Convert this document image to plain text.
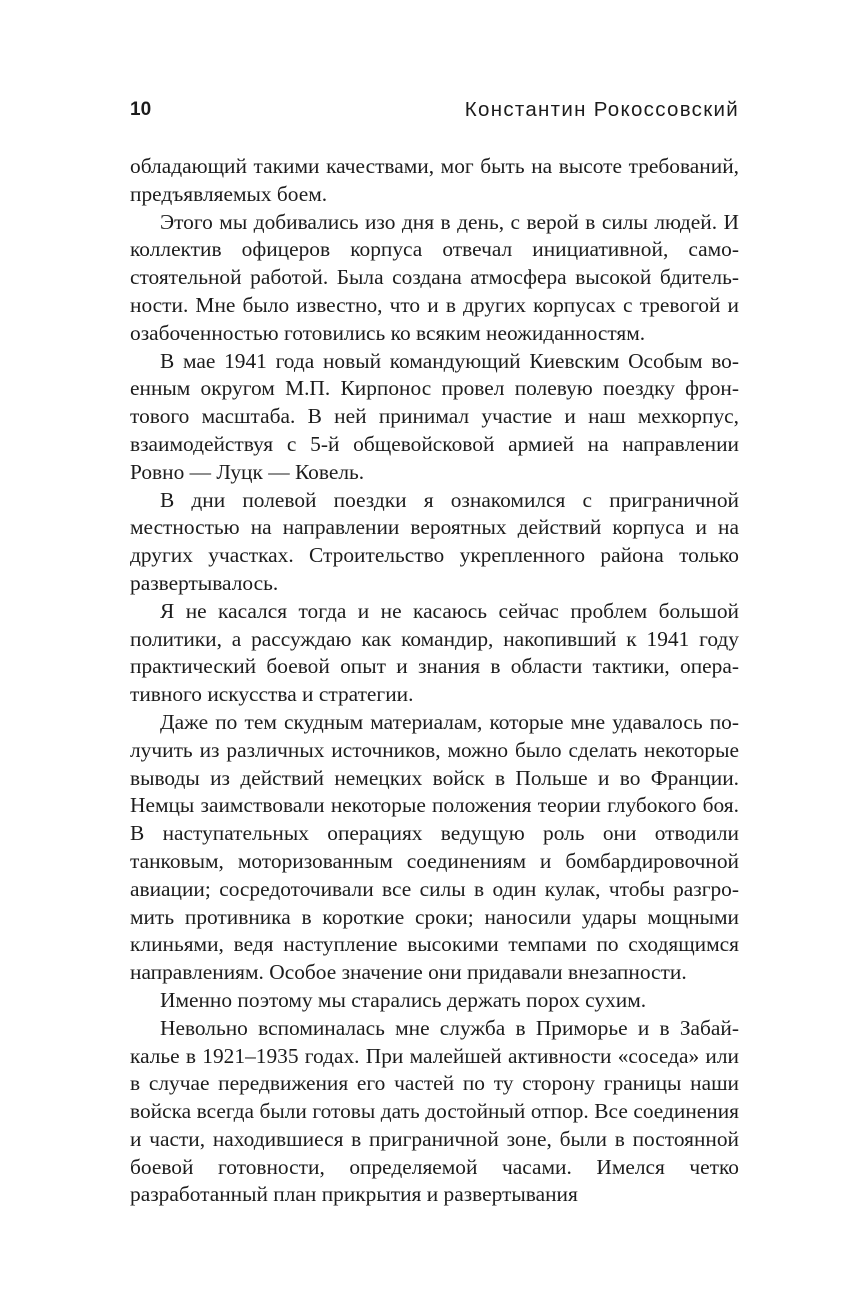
10	Константин Рокоссовский

обладающий такими качествами, мог быть на высоте требований, предъявляемых боем.

Этого мы добивались изо дня в день, с верой в силы людей. И коллектив офицеров корпуса отвечал инициативной, самостоятельной работой. Была создана атмосфера высокой бдительности. Мне было известно, что и в других корпусах с тревогой и озабоченностью готовились ко всяким неожиданностям.

В мае 1941 года новый командующий Киевским Особым военным округом М.П. Кирпонос провел полевую поездку фронтового масштаба. В ней принимал участие и наш мехкорпус, взаимодействуя с 5-й общевойсковой армией на направлении Ровно — Луцк — Ковель.

В дни полевой поездки я ознакомился с приграничной местностью на направлении вероятных действий корпуса и на других участках. Строительство укрепленного района только развертывалось.

Я не касался тогда и не касаюсь сейчас проблем большой политики, а рассуждаю как командир, накопивший к 1941 году практический боевой опыт и знания в области тактики, оперативного искусства и стратегии.

Даже по тем скудным материалам, которые мне удавалось получить из различных источников, можно было сделать некоторые выводы из действий немецких войск в Польше и во Франции. Немцы заимствовали некоторые положения теории глубокого боя. В наступательных операциях ведущую роль они отводили танковым, моторизованным соединениям и бомбардировочной авиации; сосредоточивали все силы в один кулак, чтобы разгромить противника в короткие сроки; наносили удары мощными клиньями, ведя наступление высокими темпами по сходящимся направлениям. Особое значение они придавали внезапности.

Именно поэтому мы старались держать порох сухим.

Невольно вспоминалась мне служба в Приморье и в Забайкалье в 1921–1935 годах. При малейшей активности «соседа» или в случае передвижения его частей по ту сторону границы наши войска всегда были готовы дать достойный отпор. Все соединения и части, находившиеся в приграничной зоне, были в постоянной боевой готовности, определяемой часами. Имелся четко разработанный план прикрытия и развертывания
